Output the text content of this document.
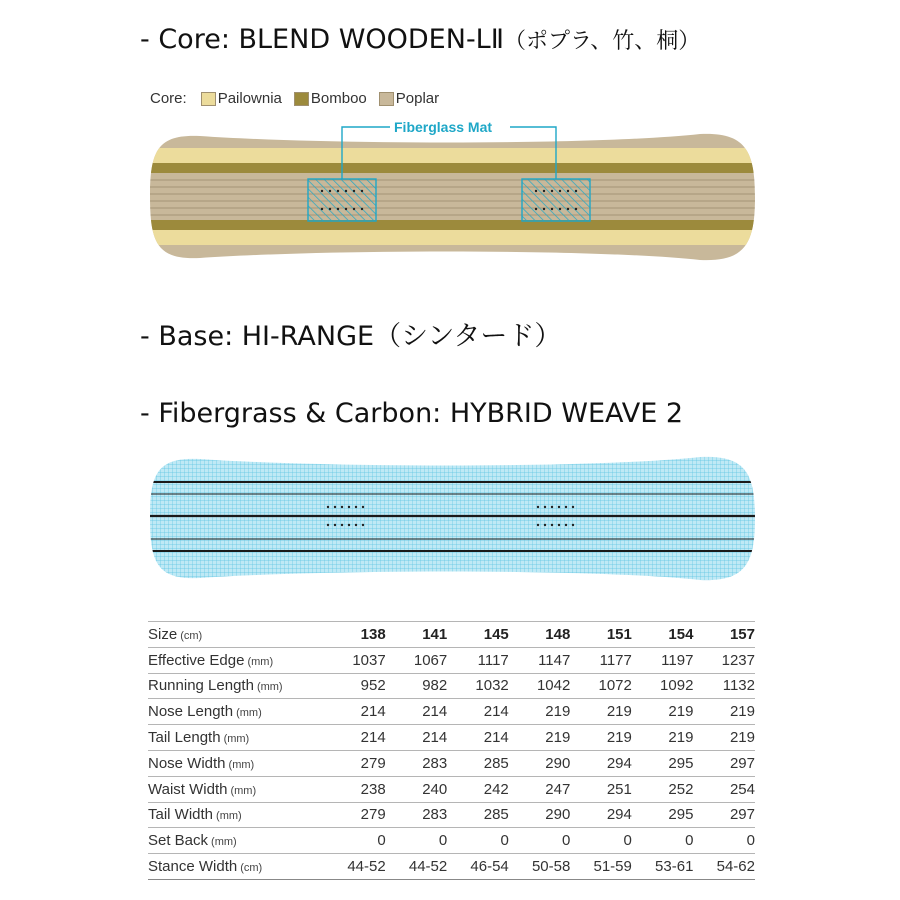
- Core: BLEND WOODEN-LⅡ（ポプラ、竹、桐）
Core: Pailownia Bomboo Poplar
Fiberglass Mat
- Base: HI-RANGE（シンタード）
- Fibergrass & Carbon: HYBRID WEAVE 2
Size (cm)	138	141	145	148	151	154	157
Effective Edge (mm)	1037	1067	1117	1147	1177	1197	1237
Running Length (mm)	952	982	1032	1042	1072	1092	1132
Nose Length (mm)	214	214	214	219	219	219	219
Tail Length (mm)	214	214	214	219	219	219	219
Nose Width (mm)	279	283	285	290	294	295	297
Waist Width (mm)	238	240	242	247	251	252	254
Tail Width (mm)	279	283	285	290	294	295	297
Set Back (mm)	0	0	0	0	0	0	0
Stance Width (cm)	44-52	44-52	46-54	50-58	51-59	53-61	54-62
